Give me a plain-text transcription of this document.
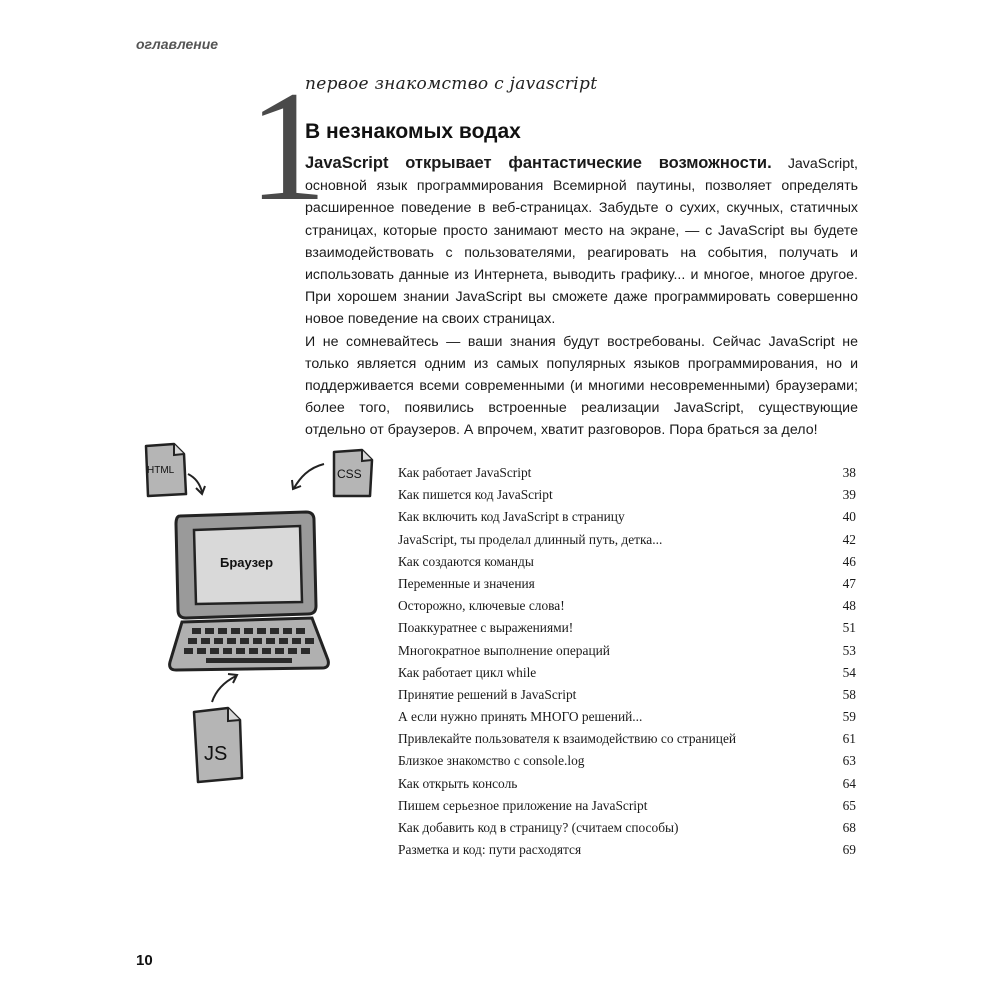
оглавление
1
первое знакомство с javascript
В незнакомых водах

JavaScript открывает фантастические возможности. JavaScript, основной язык программирования Всемирной паутины, позволяет определять расширенное поведение в веб-страницах. Забудьте о сухих, скучных, статичных страницах, которые просто занимают место на экране, — с JavaScript вы будете взаимодействовать с пользователями, реагировать на события, получать и использовать данные из Интернета, выводить графику... и многое, многое другое. При хорошем знании JavaScript вы сможете даже программировать совершенно новое поведение на своих страницах.

И не сомневайтесь — ваши знания будут востребованы. Сейчас JavaScript не только является одним из самых популярных языков программирования, но и поддерживается всеми современными (и многими несовременными) браузерами; более того, появились встроенные реализации JavaScript, существующие отдельно от браузеров. А впрочем, хватит разговоров. Пора браться за дело!

HTML	CSS
Браузер
JS
Как работает JavaScript	38
Как пишется код JavaScript	39
Как включить код JavaScript в страницу	40
JavaScript, ты проделал длинный путь, детка...	42
Как создаются команды	46
Переменные и значения	47
Осторожно, ключевые слова!	48
Поаккуратнее с выражениями!	51
Многократное выполнение операций	53
Как работает цикл while	54
Принятие решений в JavaScript	58
А если нужно принять МНОГО решений...	59
Привлекайте пользователя к взаимодействию со страницей	61
Близкое знакомство с console.log	63
Как открыть консоль	64
Пишем серьезное приложение на JavaScript	65
Как добавить код в страницу? (считаем способы)	68
Разметка и код: пути расходятся	69
10
